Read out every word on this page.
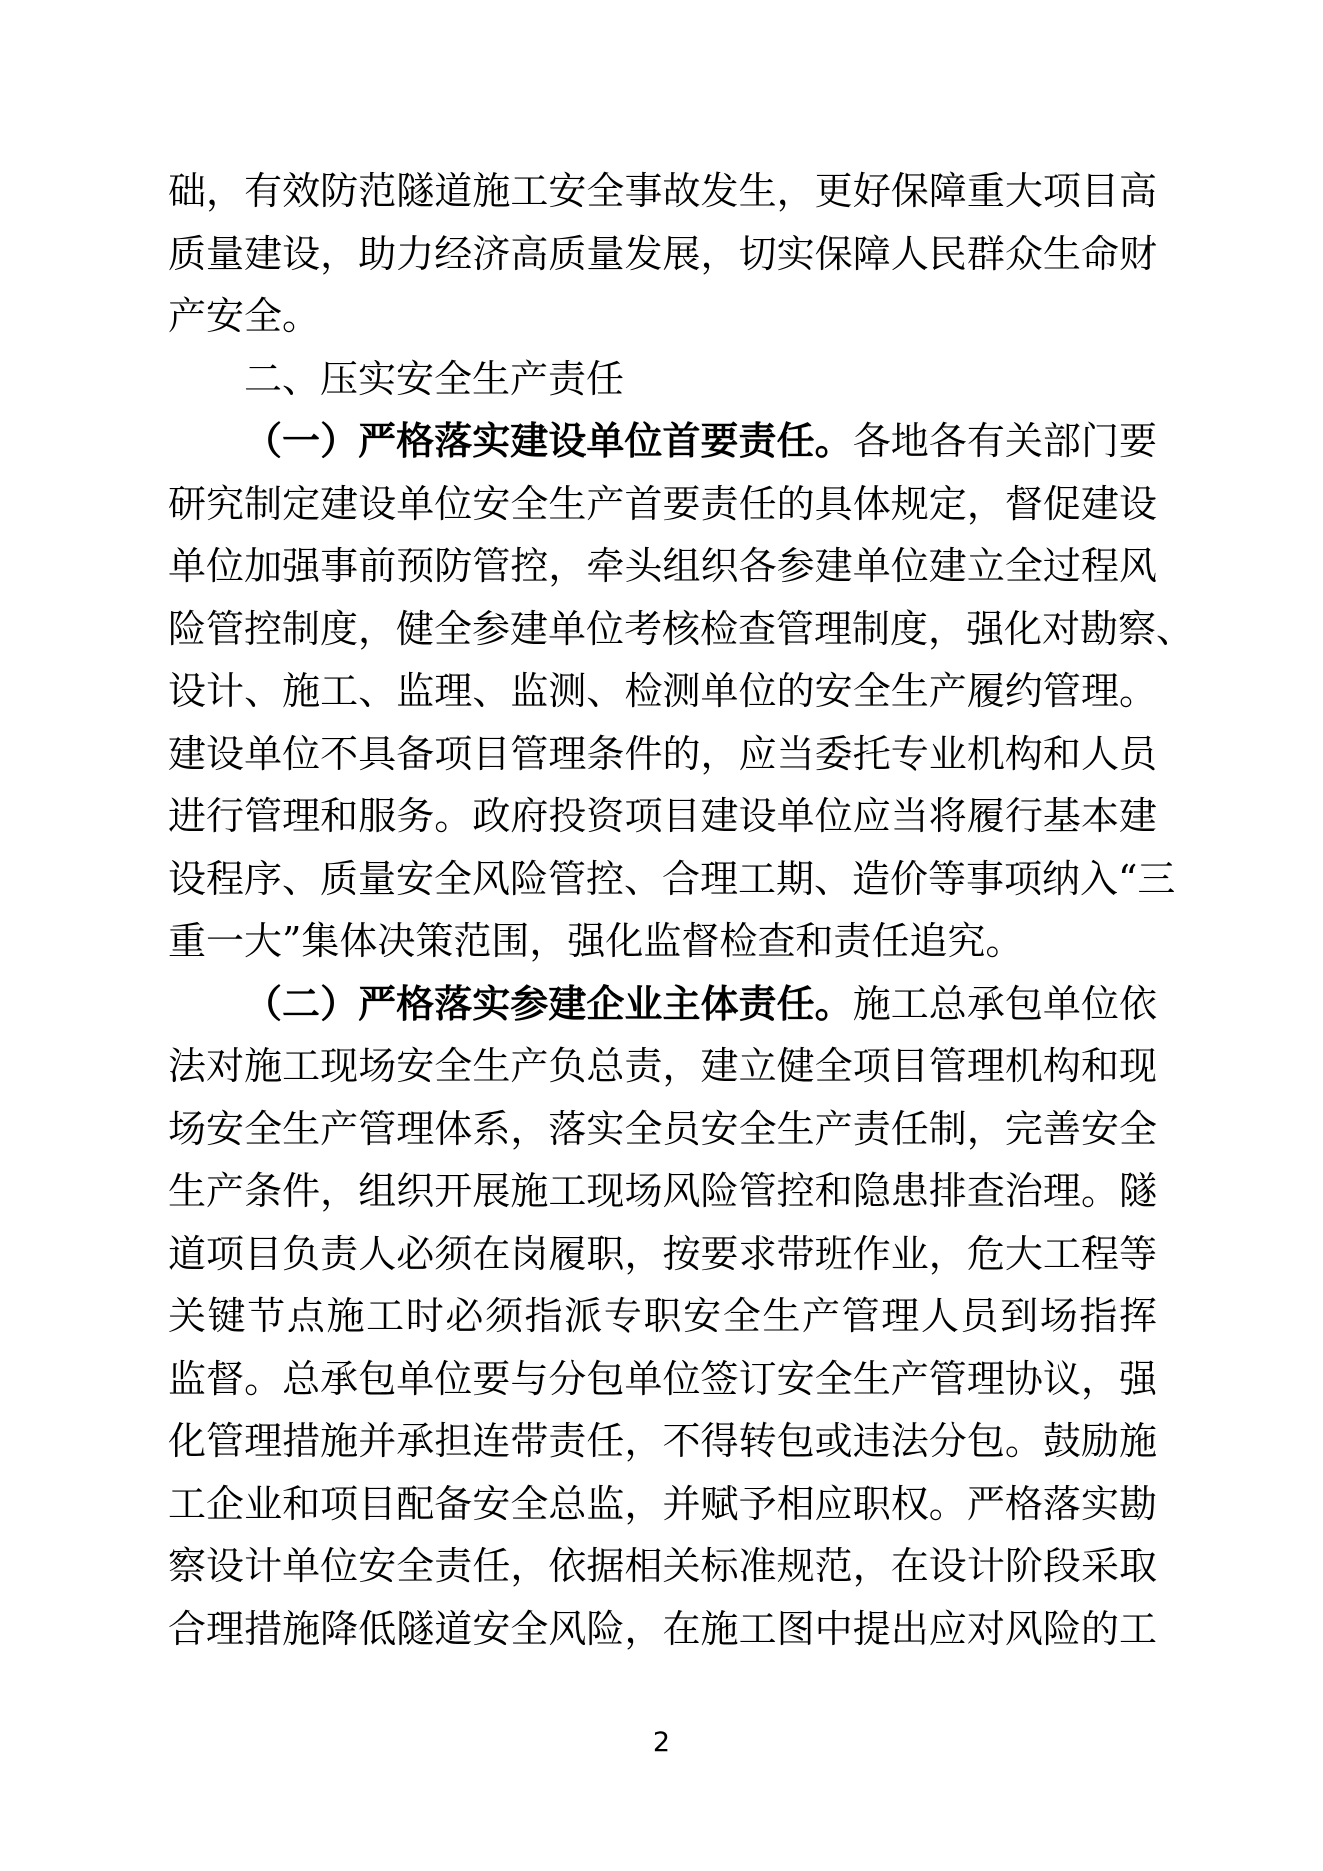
础，有效防范隧道施工安全事故发生，更好保障重大项目高
质量建设，助力经济高质量发展，切实保障人民群众生命财
产安全。
二、压实安全生产责任
（一）严格落实建设单位首要责任。各地各有关部门要
研究制定建设单位安全生产首要责任的具体规定，督促建设
单位加强事前预防管控，牵头组织各参建单位建立全过程风
险管控制度，健全参建单位考核检查管理制度，强化对勘察、
设计、施工、监理、监测、检测单位的安全生产履约管理。
建设单位不具备项目管理条件的，应当委托专业机构和人员
进行管理和服务。政府投资项目建设单位应当将履行基本建
设程序、质量安全风险管控、合理工期、造价等事项纳入“三
重一大”集体决策范围，强化监督检查和责任追究。
（二）严格落实参建企业主体责任。施工总承包单位依
法对施工现场安全生产负总责，建立健全项目管理机构和现
场安全生产管理体系，落实全员安全生产责任制，完善安全
生产条件，组织开展施工现场风险管控和隐患排查治理。隧
道项目负责人必须在岗履职，按要求带班作业，危大工程等
关键节点施工时必须指派专职安全生产管理人员到场指挥
监督。总承包单位要与分包单位签订安全生产管理协议，强
化管理措施并承担连带责任，不得转包或违法分包。鼓励施
工企业和项目配备安全总监，并赋予相应职权。严格落实勘
察设计单位安全责任，依据相关标准规范，在设计阶段采取
合理措施降低隧道安全风险，在施工图中提出应对风险的工
2
